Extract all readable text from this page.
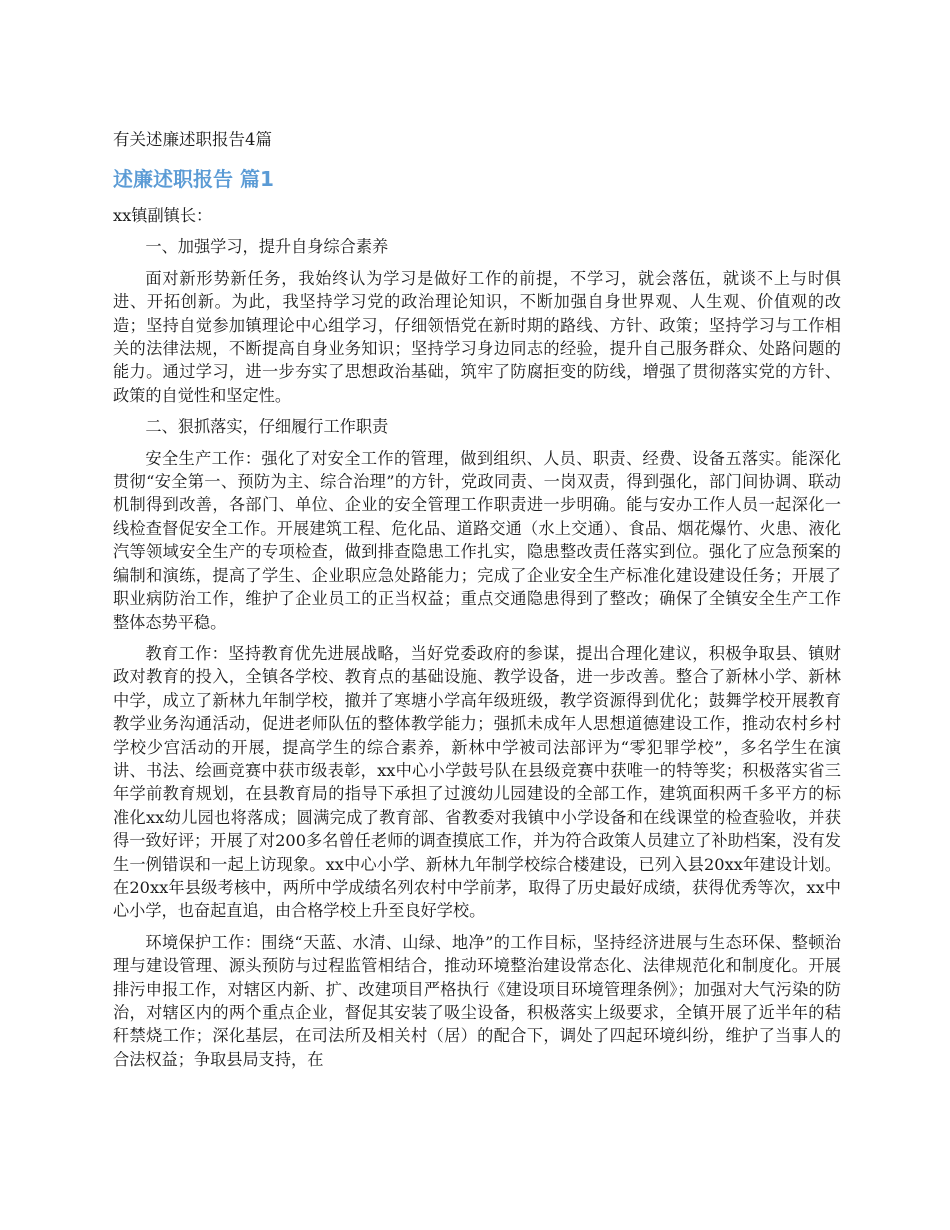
有关述廉述职报告4篇
述廉述职报告 篇1

xx镇副镇长：

一、加强学习，提升自身综合素养

面对新形势新任务，我始终认为学习是做好工作的前提，不学习，就会落伍，就谈不上与时俱进、开拓创新。为此，我坚持学习党的政治理论知识，不断加强自身世界观、人生观、价值观的改造；坚持自觉参加镇理论中心组学习，仔细领悟党在新时期的路线、方针、政策；坚持学习与工作相关的法律法规，不断提高自身业务知识；坚持学习身边同志的经验，提升自己服务群众、处路问题的能力。通过学习，进一步夯实了思想政治基础，筑牢了防腐拒变的防线，增强了贯彻落实党的方针、政策的自觉性和坚定性。

二、狠抓落实，仔细履行工作职责

安全生产工作：强化了对安全工作的管理，做到组织、人员、职责、经费、设备五落实。能深化贯彻“安全第一、预防为主、综合治理”的方针，党政同责、一岗双责，得到强化，部门间协调、联动机制得到改善，各部门、单位、企业的安全管理工作职责进一步明确。能与安办工作人员一起深化一线检查督促安全工作。开展建筑工程、危化品、道路交通（水上交通）、食品、烟花爆竹、火患、液化汽等领域安全生产的专项检查，做到排查隐患工作扎实，隐患整改责任落实到位。强化了应急预案的编制和演练，提高了学生、企业职应急处路能力；完成了企业安全生产标准化建设建设任务；开展了职业病防治工作，维护了企业员工的正当权益；重点交通隐患得到了整改；确保了全镇安全生产工作整体态势平稳。

教育工作：坚持教育优先进展战略，当好党委政府的参谋，提出合理化建议，积极争取县、镇财政对教育的投入，全镇各学校、教育点的基础设施、教学设备，进一步改善。整合了新林小学、新林中学，成立了新林九年制学校，撤并了寒塘小学高年级班级，教学资源得到优化；鼓舞学校开展教育教学业务沟通活动，促进老师队伍的整体教学能力；强抓未成年人思想道德建设工作，推动农村乡村学校少宫活动的开展，提高学生的综合素养，新林中学被司法部评为“零犯罪学校”，多名学生在演讲、书法、绘画竞赛中获市级表彰，xx中心小学鼓号队在县级竞赛中获唯一的特等奖；积极落实省三年学前教育规划，在县教育局的指导下承担了过渡幼儿园建设的全部工作，建筑面积两千多平方的标准化xx幼儿园也将落成；圆满完成了教育部、省教委对我镇中小学设备和在线课堂的检查验收，并获得一致好评；开展了对200多名曾任老师的调查摸底工作，并为符合政策人员建立了补助档案，没有发生一例错误和一起上访现象。xx中心小学、新林九年制学校综合楼建设，已列入县20xx年建设计划。在20xx年县级考核中，两所中学成绩名列农村中学前茅，取得了历史最好成绩，获得优秀等次，xx中心小学，也奋起直追，由合格学校上升至良好学校。

环境保护工作：围绕“天蓝、水清、山绿、地净”的工作目标，坚持经济进展与生态环保、整顿治理与建设管理、源头预防与过程监管相结合，推动环境整治建设常态化、法律规范化和制度化。开展排污申报工作，对辖区内新、扩、改建项目严格执行《建设项目环境管理条例》；加强对大气污染的防治，对辖区内的两个重点企业，督促其安装了吸尘设备，积极落实上级要求，全镇开展了近半年的秸秆禁烧工作；深化基层，在司法所及相关村（居）的配合下，调处了四起环境纠纷，维护了当事人的合法权益；争取县局支持，在
